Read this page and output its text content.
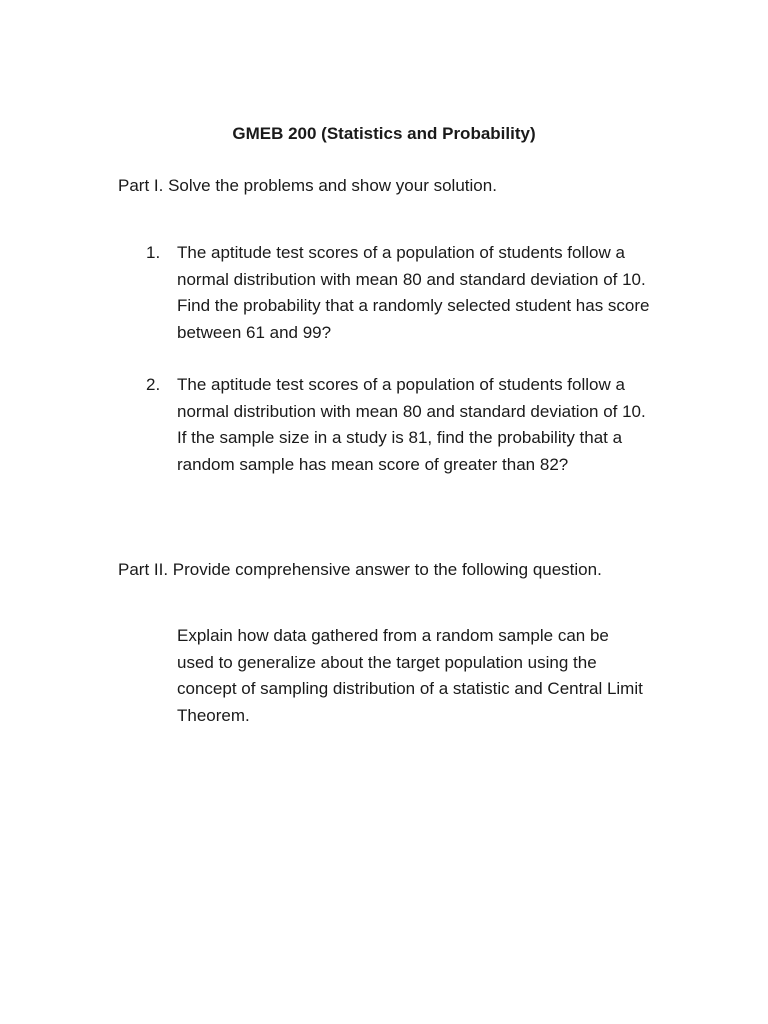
GMEB 200 (Statistics and Probability)
Part I. Solve the problems and show your solution.
1. The aptitude test scores of a population of students follow a normal distribution with mean 80 and standard deviation of 10. Find the probability that a randomly selected student has score between 61 and 99?
2. The aptitude test scores of a population of students follow a normal distribution with mean 80 and standard deviation of 10. If the sample size in a study is 81, find the probability that a random sample has mean score of greater than 82?
Part II. Provide comprehensive answer to the following question.
Explain how data gathered from a random sample can be used to generalize about the target population using the concept of sampling distribution of a statistic and Central Limit Theorem.
